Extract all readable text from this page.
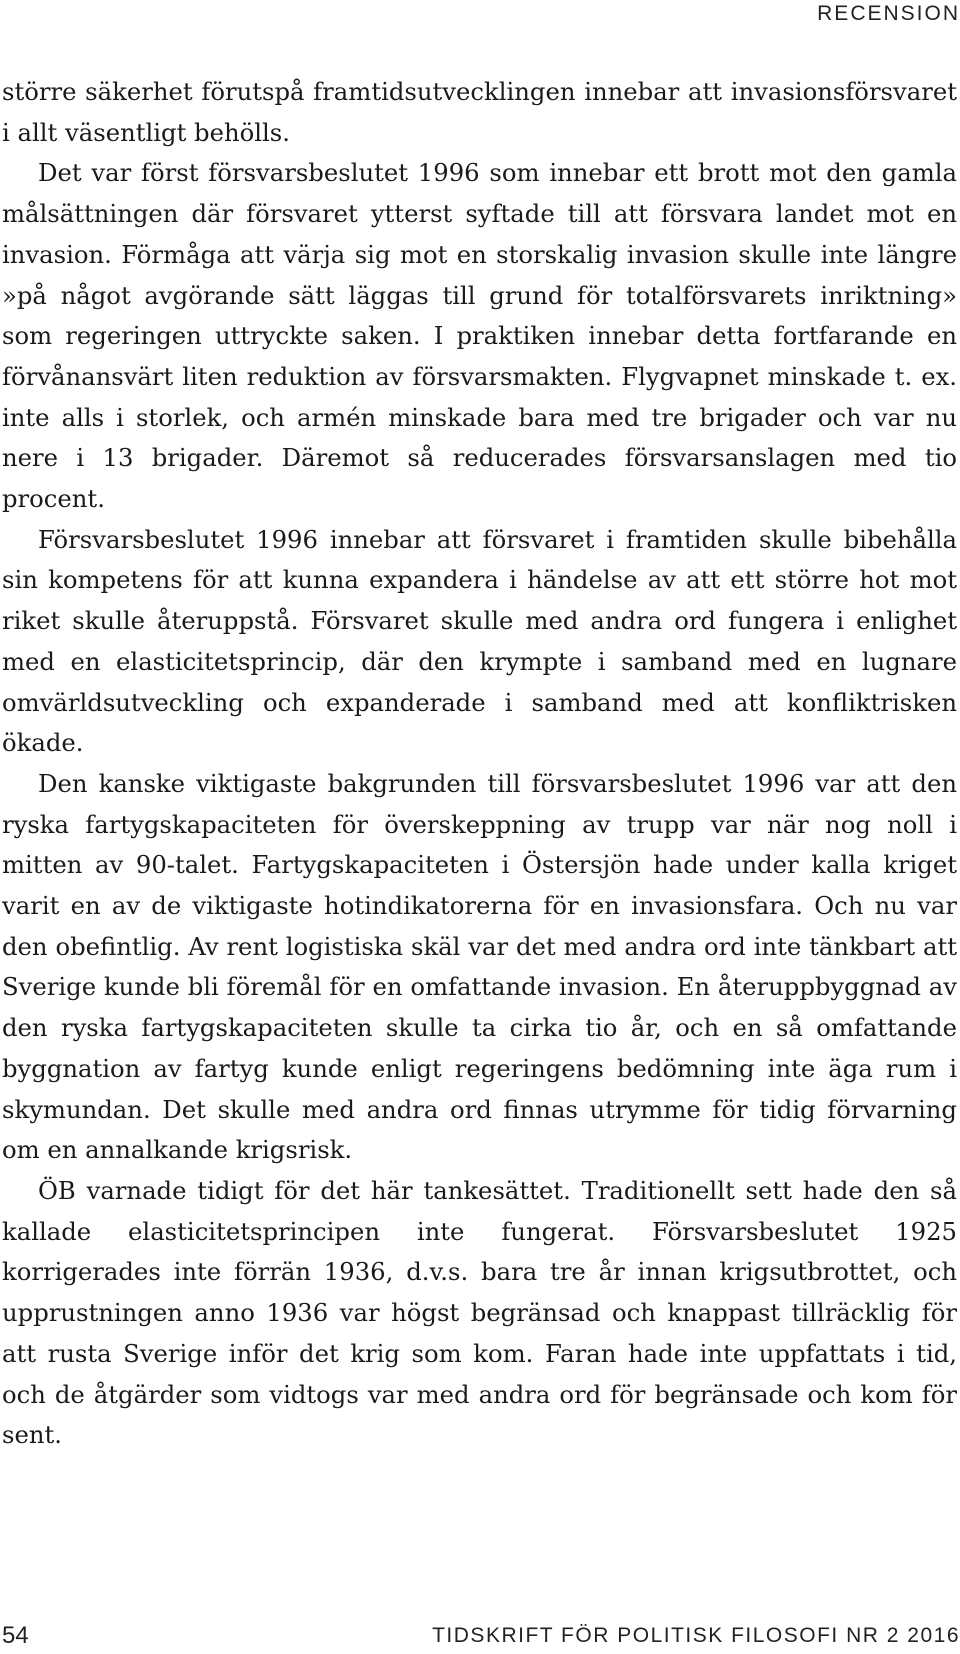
RECENSION

större säkerhet förutspå framtidsutvecklingen innebar att invasionsförsvaret i allt väsentligt behölls.

Det var först försvarsbeslutet 1996 som innebar ett brott mot den gamla målsättningen där försvaret ytterst syftade till att försvara landet mot en invasion. Förmåga att värja sig mot en storskalig invasion skulle inte längre »på något avgörande sätt läggas till grund för totalförsvarets inriktning» som regeringen uttryckte saken. I praktiken innebar detta fortfarande en förvånansvärt liten reduktion av försvarsmakten. Flygvapnet minskade t. ex. inte alls i storlek, och armén minskade bara med tre brigader och var nu nere i 13 brigader. Däremot så reducerades försvarsanslagen med tio procent.

Försvarsbeslutet 1996 innebar att försvaret i framtiden skulle bibehålla sin kompetens för att kunna expandera i händelse av att ett större hot mot riket skulle återuppstå. Försvaret skulle med andra ord fungera i enlighet med en elasticitetsprincip, där den krympte i samband med en lugnare omvärldsutveckling och expanderade i samband med att konfliktrisken ökade.

Den kanske viktigaste bakgrunden till försvarsbeslutet 1996 var att den ryska fartygskapaciteten för överskeppning av trupp var när nog noll i mitten av 90-talet. Fartygskapaciteten i Östersjön hade under kalla kriget varit en av de viktigaste hotindikatorerna för en invasionsfara. Och nu var den obefintlig. Av rent logistiska skäl var det med andra ord inte tänkbart att Sverige kunde bli föremål för en omfattande invasion. En återuppbyggnad av den ryska fartygskapaciteten skulle ta cirka tio år, och en så omfattande byggnation av fartyg kunde enligt regeringens bedömning inte äga rum i skymundan. Det skulle med andra ord finnas utrymme för tidig förvarning om en annalkande krigsrisk.

ÖB varnade tidigt för det här tankesättet. Traditionellt sett hade den så kallade elasticitetsprincipen inte fungerat. Försvarsbeslutet 1925 korrigerades inte förrän 1936, d.v.s. bara tre år innan krigsutbrottet, och upprustningen anno 1936 var högst begränsad och knappast tillräcklig för att rusta Sverige inför det krig som kom. Faran hade inte uppfattats i tid, och de åtgärder som vidtogs var med andra ord för begränsade och kom för sent.

54	TIDSKRIFT FÖR POLITISK FILOSOFI NR 2 2016
